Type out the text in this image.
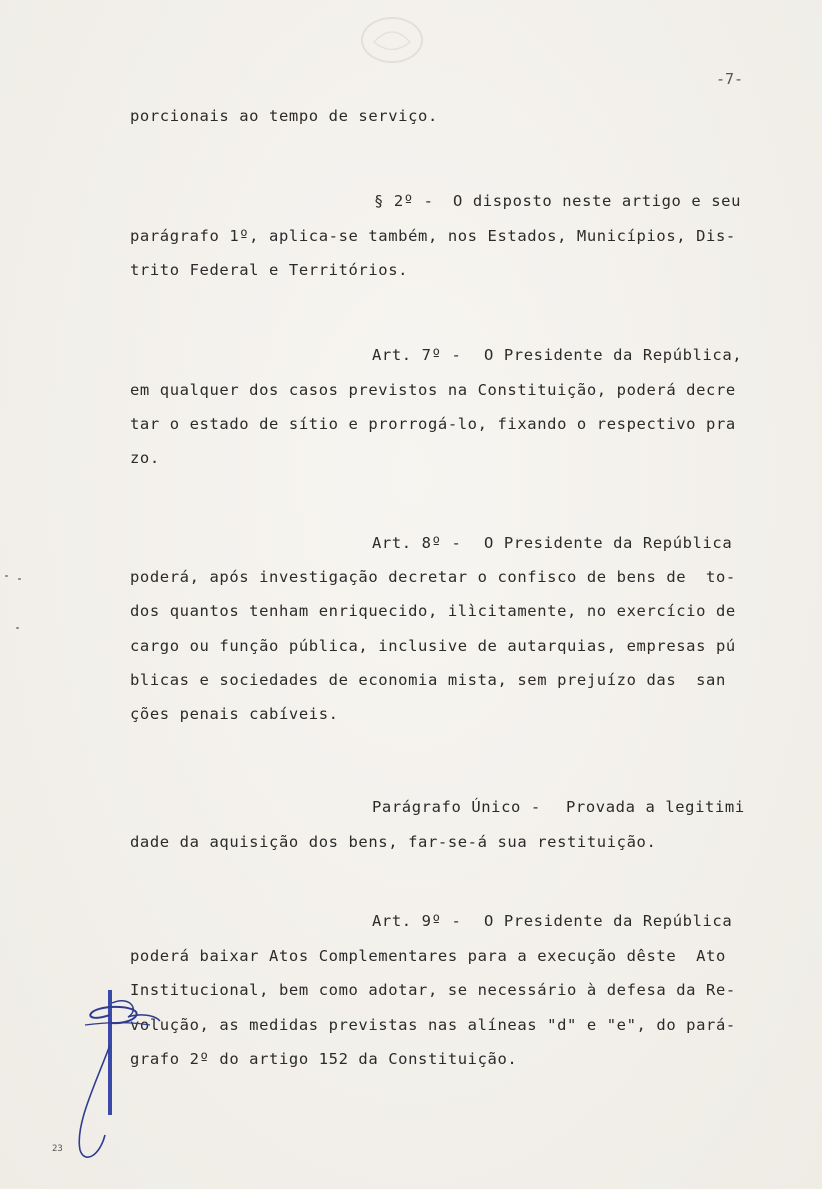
-7-
porcionais ao tempo de serviço.
§ 2º - O disposto neste artigo e seu
parágrafo 1º, aplica-se também, nos Estados, Municípios, Dis-
trito Federal e Territórios.
Art. 7º - O Presidente da República,
em qualquer dos casos previstos na Constituição, poderá decre
tar o estado de sítio e prorrogá-lo, fixando o respectivo pra
zo.
Art. 8º - O Presidente da República
poderá, após investigação decretar o confisco de bens de  to-
dos quantos tenham enriquecido, ilìcitamente, no exercício de
cargo ou função pública, inclusive de autarquias, empresas pú
blicas e sociedades de economia mista, sem prejuízo das  san
ções penais cabíveis.
Parágrafo Único - Provada a legitimi
dade da aquisição dos bens, far-se-á sua restituição.
Art. 9º - O Presidente da República
poderá baixar Atos Complementares para a execução dêste  Ato
Institucional, bem como adotar, se necessário à defesa da Re-
volução, as medidas previstas nas alíneas "d" e "e", do pará-
grafo 2º do artigo 152 da Constituição.
23
